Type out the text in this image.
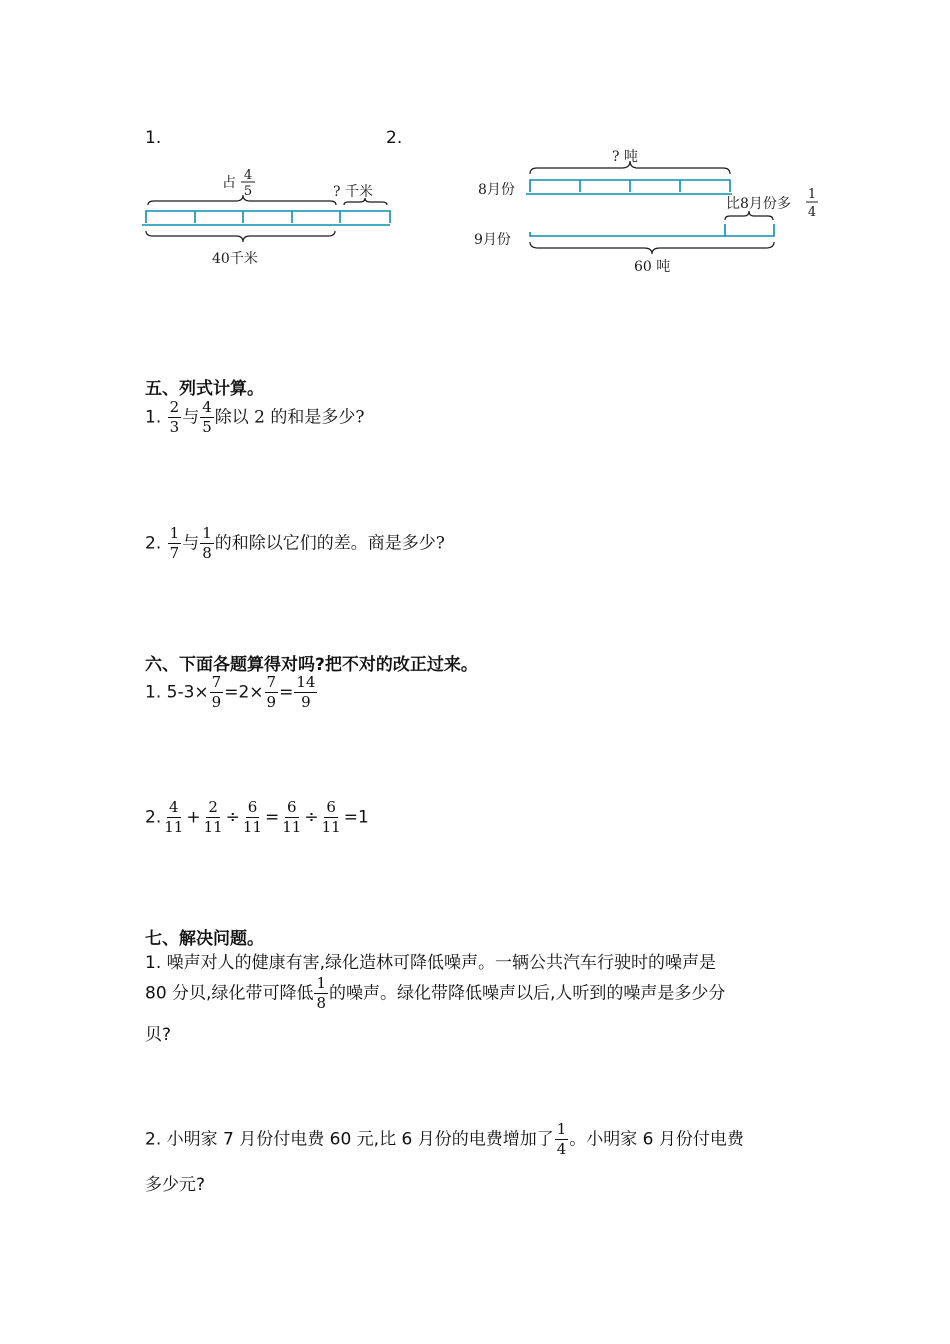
1.	2.
占 4
5	? 千米
40千米
? 吨
8月份
9月份
比8月份多
1
4
60 吨
五、列式计算。
1. $\frac{2}{3}$ 与 $\frac{4}{5}$ 除以 2 的和是多少?
2. $\frac{1}{7}$ 与 $\frac{1}{8}$ 的和除以它们的差。商是多少?
六、下面各题算得对吗?把不对的改正过来。
1. $5-3\times \frac{7}{9} =2\times \frac{7}{9} = \frac{14}{9}$
2. $\frac{4}{11} + \frac{2}{11} \div \frac{6}{11} = \frac{6}{11} \div \frac{6}{11} =1$
七、解决问题。
1. 噪声对人的健康有害,绿化造林可降低噪声。一辆公共汽车行驶时的噪声是
80 分贝,绿化带可降低 $\frac{1}{8}$ 的噪声。绿化带降低噪声以后,人听到的噪声是多少分
贝?
2. 小明家 7 月份付电费 60 元,比 6 月份的电费增加了 $\frac{1}{4}$ 。小明家 6 月份付电费
多少元?
